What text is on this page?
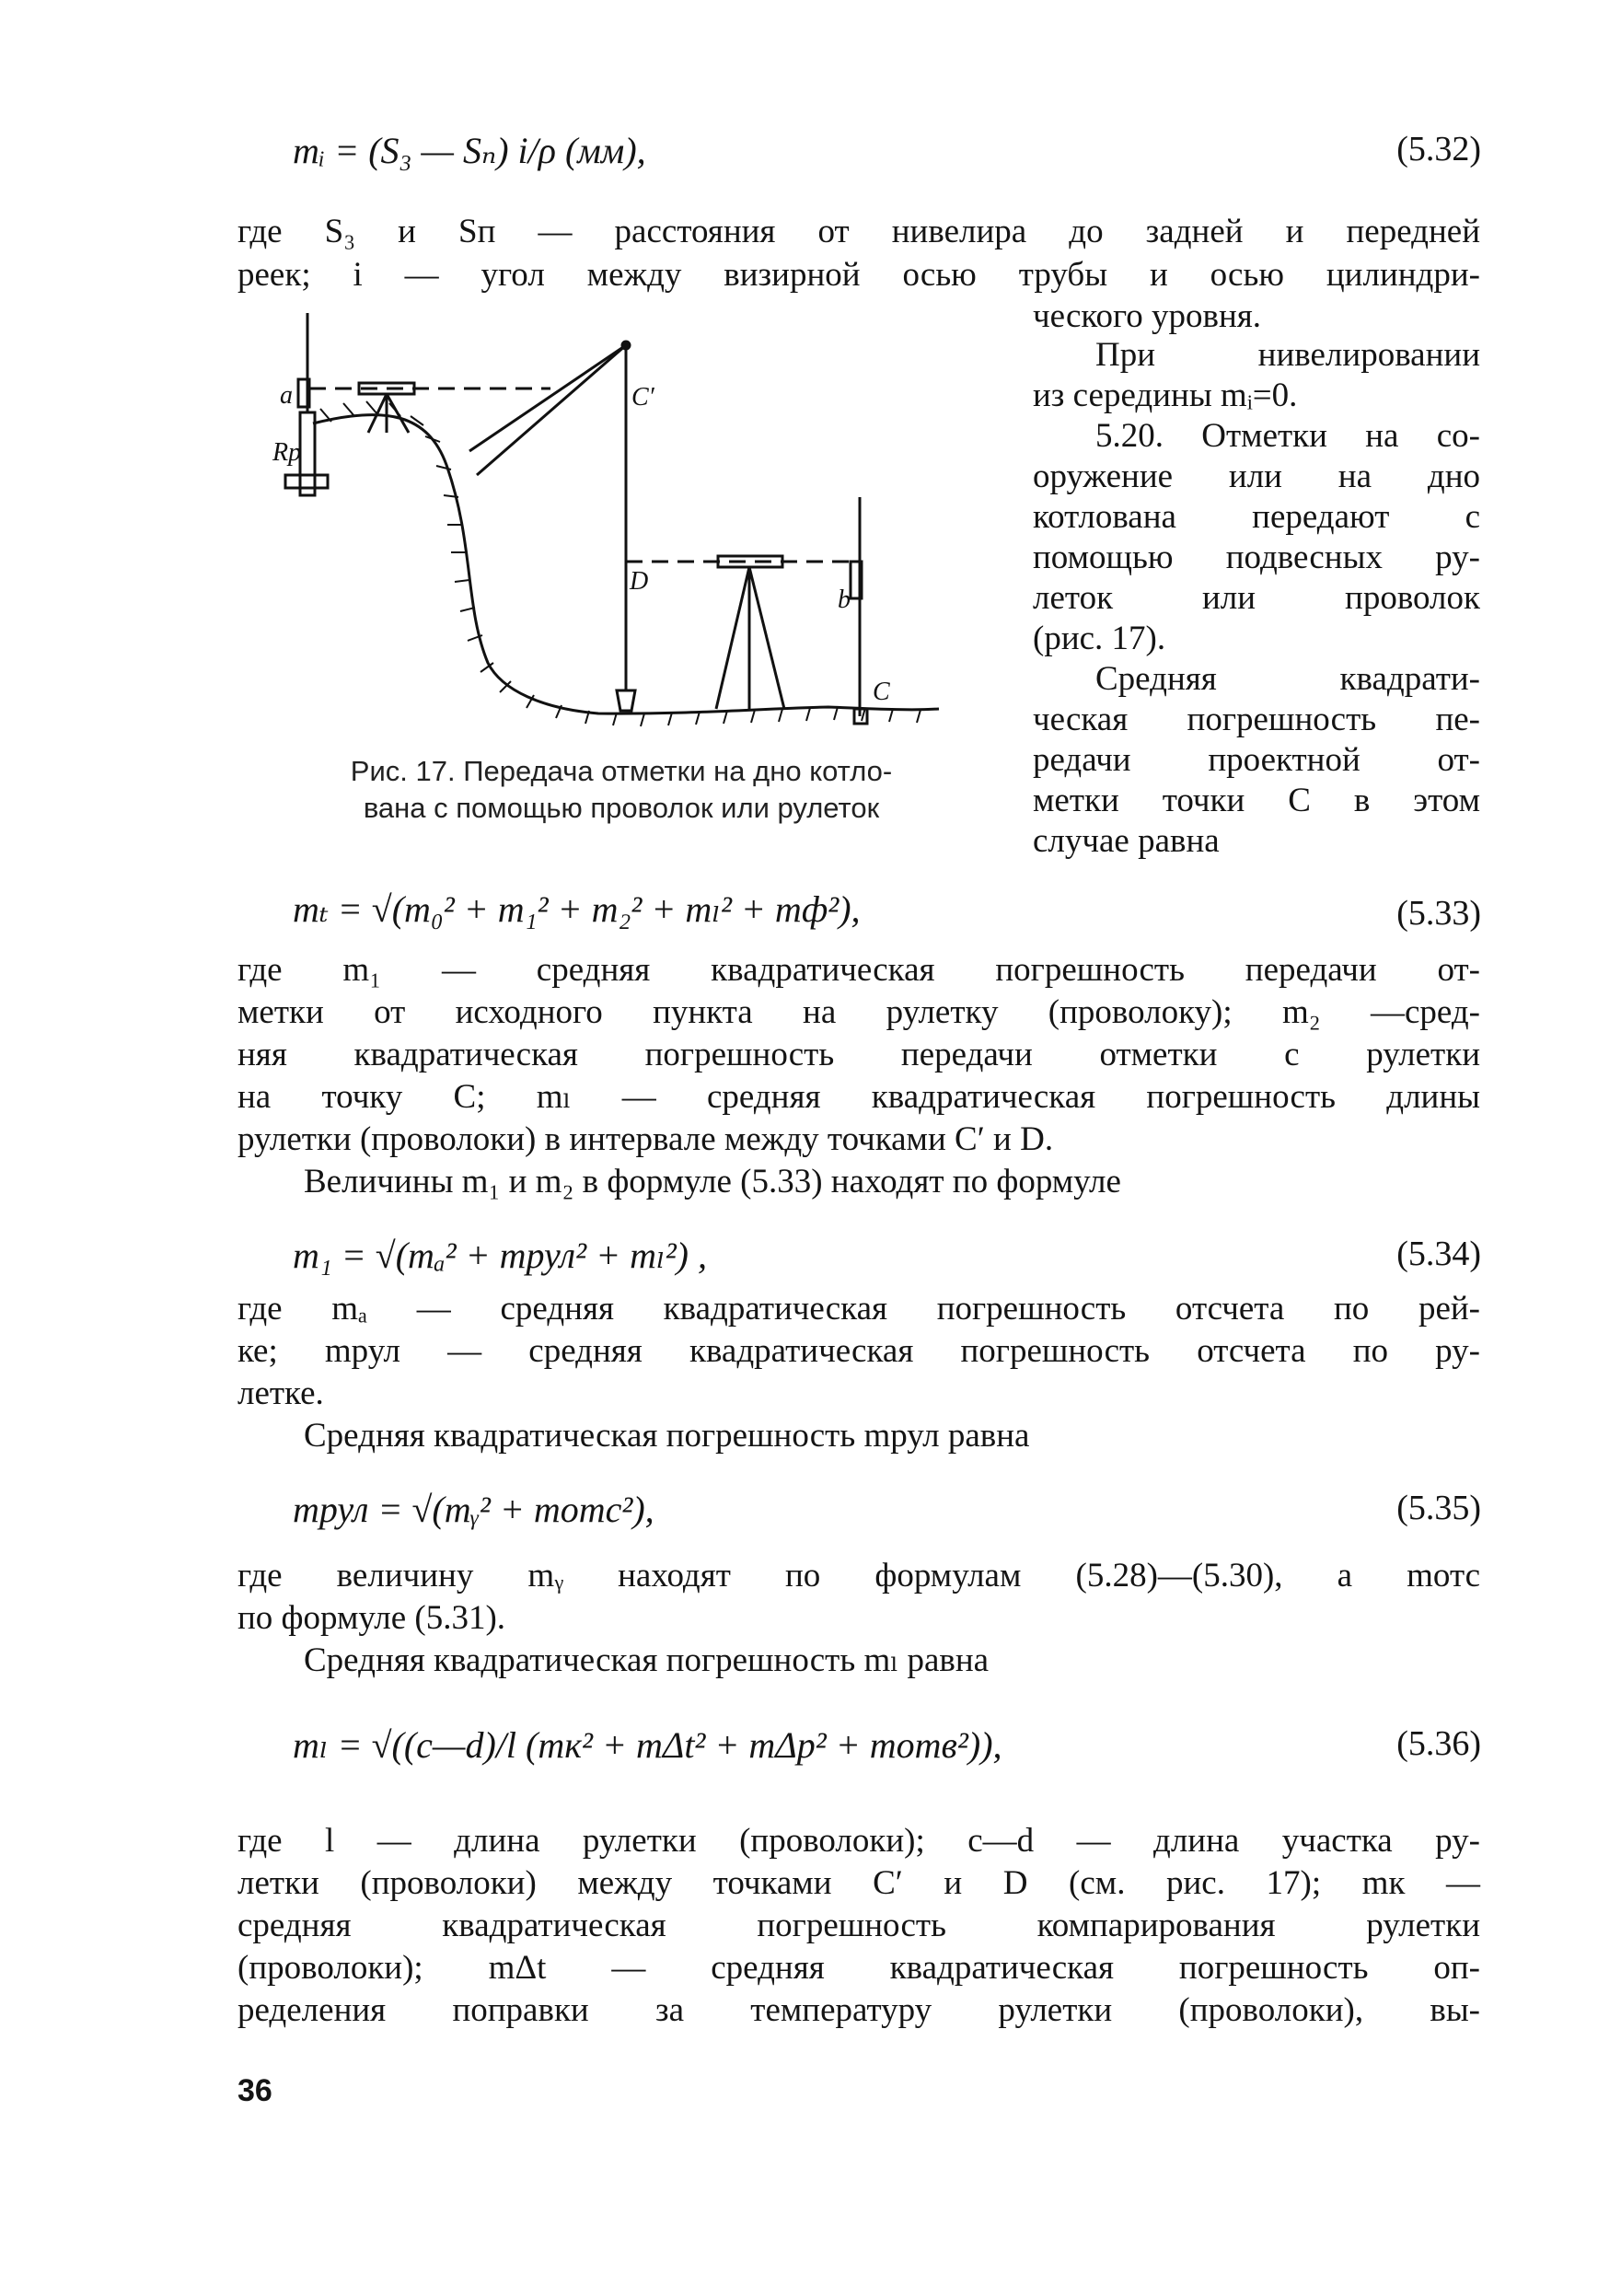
mᵢ = (S₃ — Sₙ) i/ρ (мм),	(5.32)
где S₃ и Sп — расстояния от нивелира до задней и передней
реек; i — угол между визирной осью трубы и осью цилиндри-
ческого уровня.
При нивелировании
из середины mᵢ=0.
5.20. Отметки на со-
оружение или на дно
котлована передают с
помощью подвесных ру-
леток или проволок
(рис. 17).
Средняя квадрати-
ческая погрешность пе-
редачи проектной от-
метки точки C в этом
случае равна
a
Rр
C′
D
b
C
Рис. 17. Передача отметки на дно котло-
вана с помощью проволок или рулеток
mₜ = √(m₀² + m₁² + m₂² + mₗ² + mф²),	(5.33)
где m₁ — средняя квадратическая погрешность передачи от-
метки от исходного пункта на рулетку (проволоку); m₂ —сред-
няя квадратическая погрешность передачи отметки с рулетки
на точку C; mₗ — средняя квадратическая погрешность длины
рулетки (проволоки) в интервале между точками C′ и D.
Величины m₁ и m₂ в формуле (5.33) находят по формуле
m₁ = √(mₐ² + mрул² + mₗ²) ,	(5.34)
где mₐ — средняя квадратическая погрешность отсчета по рей-
ке; mрул — средняя квадратическая погрешность отсчета по ру-
летке.
Средняя квадратическая погрешность mрул равна
mрул = √(mᵧ² + mотс²),	(5.35)
где величину mᵧ находят по формулам (5.28)—(5.30), а mотс
по формуле (5.31).
Средняя квадратическая погрешность mₗ равна
mₗ = √((c—d)/l (mк² + mΔt² + mΔp² + mотв²)),	(5.36)
где l — длина рулетки (проволоки); c—d — длина участка ру-
летки (проволоки) между точками C′ и D (см. рис. 17); mк —
средняя квадратическая погрешность компарирования рулетки
(проволоки); mΔt — средняя квадратическая погрешность оп-
ределения поправки за температуру рулетки (проволоки), вы-
36
